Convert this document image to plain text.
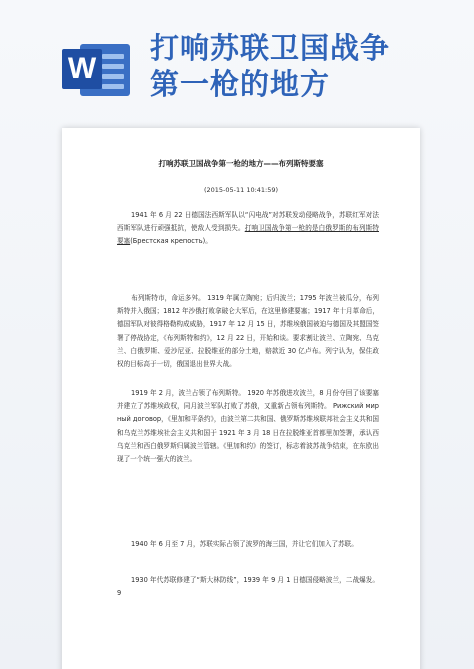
W
打响苏联卫国战争
第一枪的地方
打响苏联卫国战争第一枪的地方——布列斯特要塞
(2015-05-11 10:41:59)
1941 年 6 月 22 日德国法西斯军队以“闪电战”对苏联发动侵略战争，苏联红军对法西斯军队进行顽强抵抗，使敌人受到损失。打响卫国战争第一枪的是白俄罗斯的布列斯特要塞(Брестская крепость)。
布列斯特市，命运多舛。 1319 年属立陶宛；后归波兰；1795 年波兰被瓜分，布列斯特并入俄国；1812 年沙俄打败拿破仑大军后，在这里修建要塞；1917 年十月革命后，德国军队对彼得格勒构成威胁，1917 年 12 月 15 日，苏维埃俄国被迫与德国及其盟国签署了停战协定，《布列斯特和约》，12 月 22 日，开始和谈。要求割让波兰、立陶宛、乌克兰、白俄罗斯、爱沙尼亚、拉脱维亚的部分土地，赔款近 30 亿卢布。列宁认为，保住政权的目标高于一切，俄国退出世界大战。
1919 年 2 月，波兰占领了布列斯特。 1920 年苏俄进攻波兰，8 月份夺回了该要塞并建立了苏维埃政权，同月波兰军队打败了苏俄，又重新占领布列斯特。 Рижский мирный договор，《里加和平条约》，由波兰第二共和国、俄罗斯苏维埃联邦社会主义共和国和乌克兰苏维埃社会主义共和国于 1921 年 3 月 18 日在拉脱维亚首都里加签署，承认西乌克兰和西白俄罗斯归属波兰管辖。《里加和约》的签订，标志着波苏战争结束，在东欧出现了一个统一强大的波兰。
1940 年 6 月至 7 月，苏联实际占领了波罗的海三国，并让它们加入了苏联。
1930 年代苏联修建了“斯大林防线”，1939 年 9 月 1 日德国侵略波兰，二战爆发。9
